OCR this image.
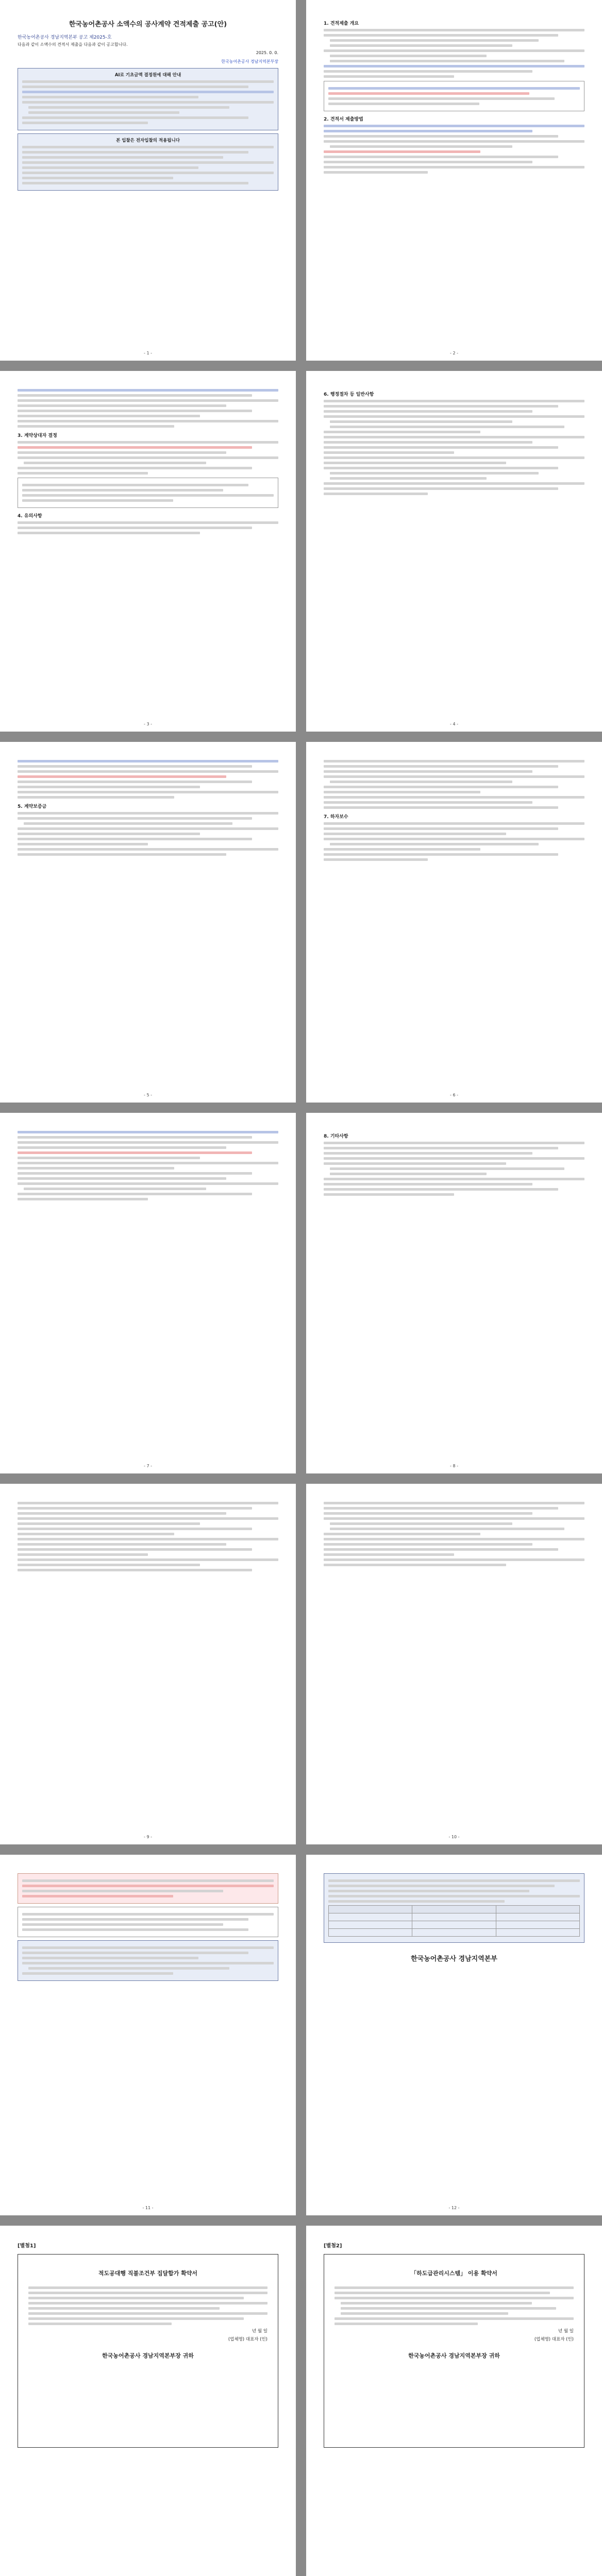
한국농어촌공사 소액수의 공사계약 견적제출 공고(안)
한국농어촌공사 경남지역본부 공고 제2025-호
다음과 같이 소액수의 견적서 제출을 다음과 같이 공고합니다.
2025. 0. 0.
한국농어촌공사 경남지역본부장
AI로 기초금액 결정원에 대해 안내
본 입찰은 전자입찰의 적용됩니다
- 1 -
1. 견적제출 개요
2. 견적서 제출방법
- 2 -
3. 계약상대자 결정
4. 유의사항
- 3 -
6. 행정절차 등 일반사항
- 4 -
5. 계약보증금
- 5 -
7. 하자보수
- 6 -
- 7 -
8. 기타사항
- 8 -
- 9 -	- 10 -
- 11 -

한국농어촌공사 경남지역본부
- 12 -
[별첨1]
적도공대행 직불조건부 집달합가 확약서
년 월 일
(업체명) 대표자 (인)
한국농어촌공사 경남지역본부장 귀하
[별첨2]
「하도급관리시스템」 이용 확약서
년 월 일
(업체명) 대표자 (인)
한국농어촌공사 경남지역본부장 귀하
